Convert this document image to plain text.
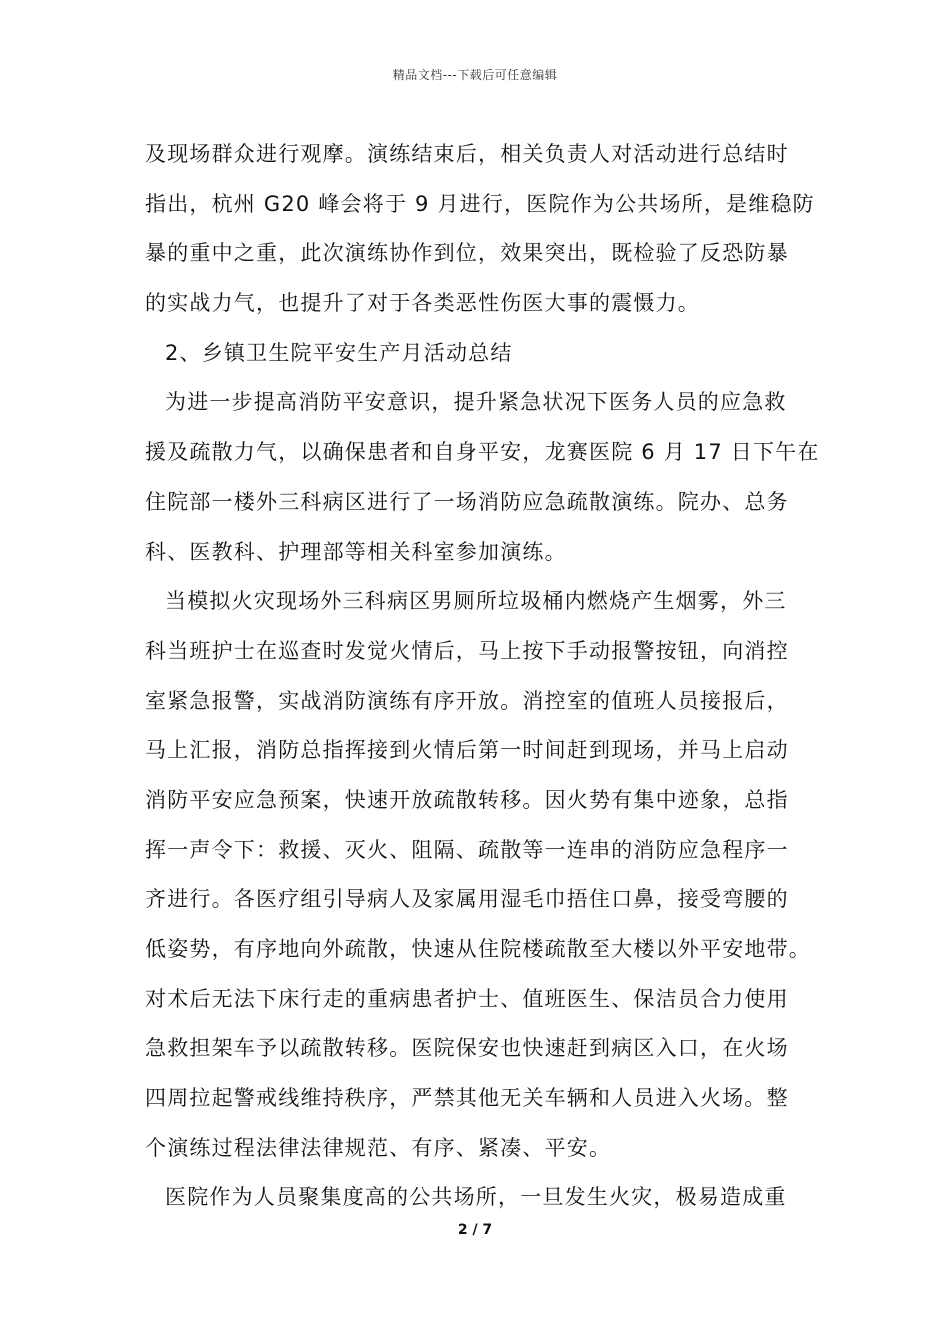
精品文档---下载后可任意编辑
及现场群众进行观摩。演练结束后，相关负责人对活动进行总结时
指出，杭州 G20 峰会将于 9 月进行，医院作为公共场所，是维稳防
暴的重中之重，此次演练协作到位，效果突出，既检验了反恐防暴
的实战力气，也提升了对于各类恶性伤医大事的震慑力。
2、乡镇卫生院平安生产月活动总结
为进一步提高消防平安意识，提升紧急状况下医务人员的应急救
援及疏散力气，以确保患者和自身平安，龙赛医院 6 月 17 日下午在
住院部一楼外三科病区进行了一场消防应急疏散演练。院办、总务
科、医教科、护理部等相关科室参加演练。
当模拟火灾现场外三科病区男厕所垃圾桶内燃烧产生烟雾，外三
科当班护士在巡查时发觉火情后，马上按下手动报警按钮，向消控
室紧急报警，实战消防演练有序开放。消控室的值班人员接报后，
马上汇报，消防总指挥接到火情后第一时间赶到现场，并马上启动
消防平安应急预案，快速开放疏散转移。因火势有集中迹象，总指
挥一声令下：救援、灭火、阻隔、疏散等一连串的消防应急程序一
齐进行。各医疗组引导病人及家属用湿毛巾捂住口鼻，接受弯腰的
低姿势，有序地向外疏散，快速从住院楼疏散至大楼以外平安地带。
对术后无法下床行走的重病患者护士、值班医生、保洁员合力使用
急救担架车予以疏散转移。医院保安也快速赶到病区入口，在火场
四周拉起警戒线维持秩序，严禁其他无关车辆和人员进入火场。整
个演练过程法律法律规范、有序、紧凑、平安。
医院作为人员聚集度高的公共场所，一旦发生火灾，极易造成重
2 / 7
